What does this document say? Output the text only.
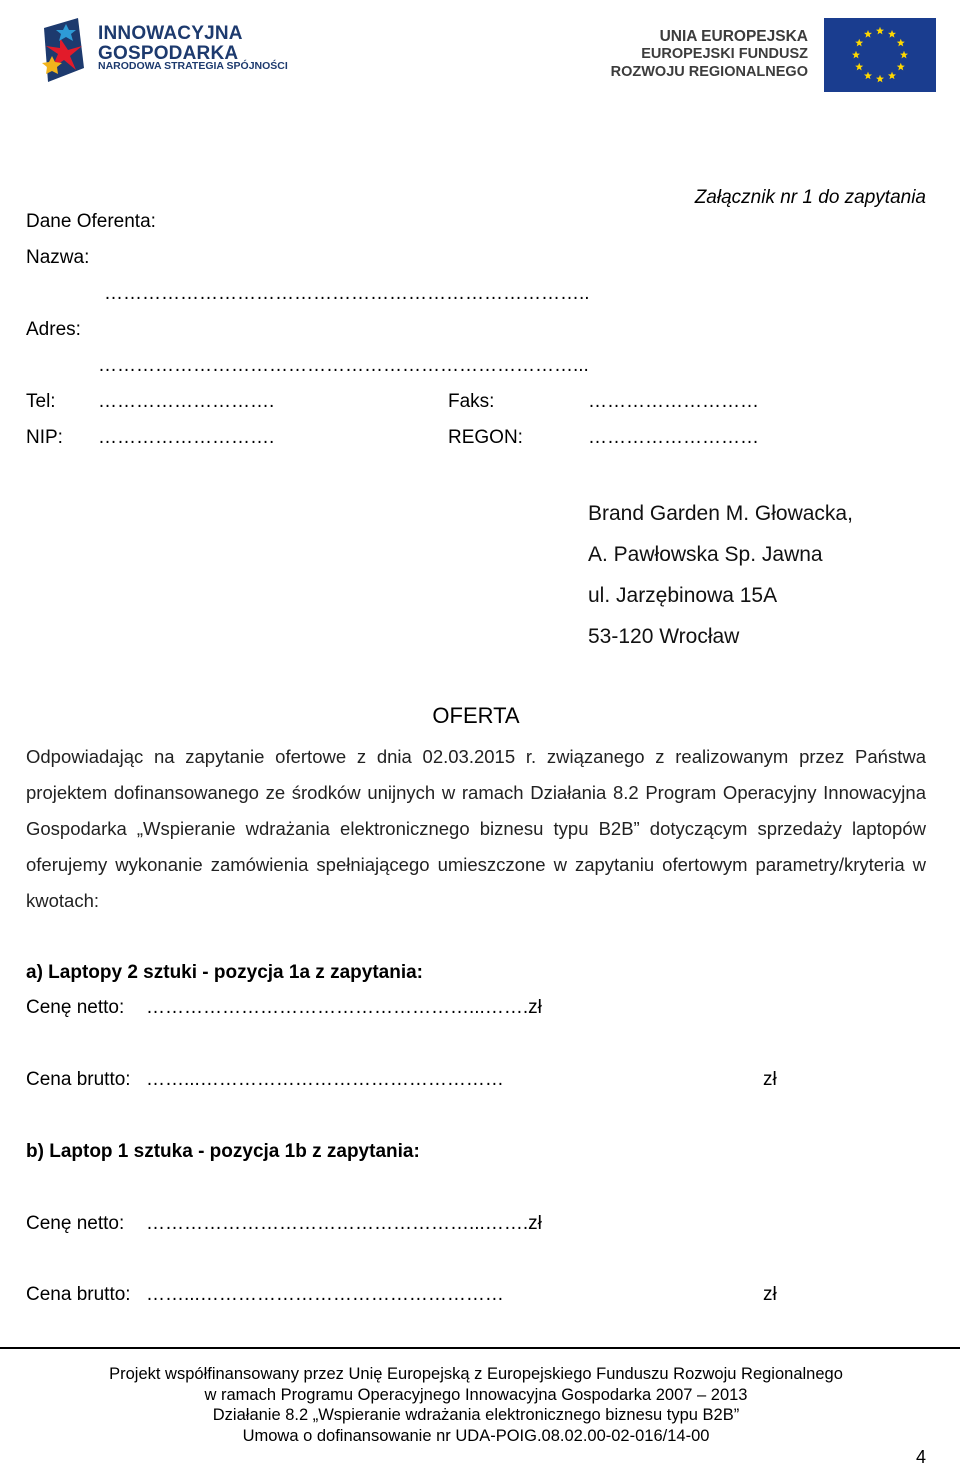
INNOWACYJNA
GOSPODARKA
NARODOWA STRATEGIA SPÓJNOŚCI
UNIA EUROPEJSKA
EUROPEJSKI FUNDUSZ
ROZWOJU REGIONALNEGO
Załącznik nr 1 do zapytania
Dane Oferenta:
Nazwa:
…………………………………………………………………..
Adres:
…………………………………………………………………...
Tel: ……………………….	Faks:	………………………
NIP: ……………………….	REGON:	………………………
Brand Garden M. Głowacka,
A. Pawłowska Sp. Jawna
ul. Jarzębinowa 15A
53-120 Wrocław
OFERTA
Odpowiadając na zapytanie ofertowe z dnia 02.03.2015 r. związanego z realizowanym przez Państwa projektem dofinansowanego ze środków unijnych w ramach Działania 8.2 Program Operacyjny Innowacyjna Gospodarka „Wspieranie wdrażania elektronicznego biznesu typu B2B” dotyczącym sprzedaży laptopów oferujemy wykonanie zamówienia spełniającego umieszczone w zapytaniu ofertowym parametry/kryteria w kwotach:
a) Laptopy 2 sztuki - pozycja 1a z zapytania:
Cenę netto: ……………………………………………...…….zł
Cena brutto: ……...…………………………………………	zł
b) Laptop 1 sztuka - pozycja 1b z zapytania:
Cenę netto: ……………………………………………...…….zł
Cena brutto: ……...…………………………………………	zł
Projekt współfinansowany przez Unię Europejską z Europejskiego Funduszu Rozwoju Regionalnego
w ramach Programu Operacyjnego Innowacyjna Gospodarka 2007 – 2013
Działanie 8.2 „Wspieranie wdrażania elektronicznego biznesu typu B2B”
Umowa o dofinansowanie nr UDA-POIG.08.02.00-02-016/14-00
4
